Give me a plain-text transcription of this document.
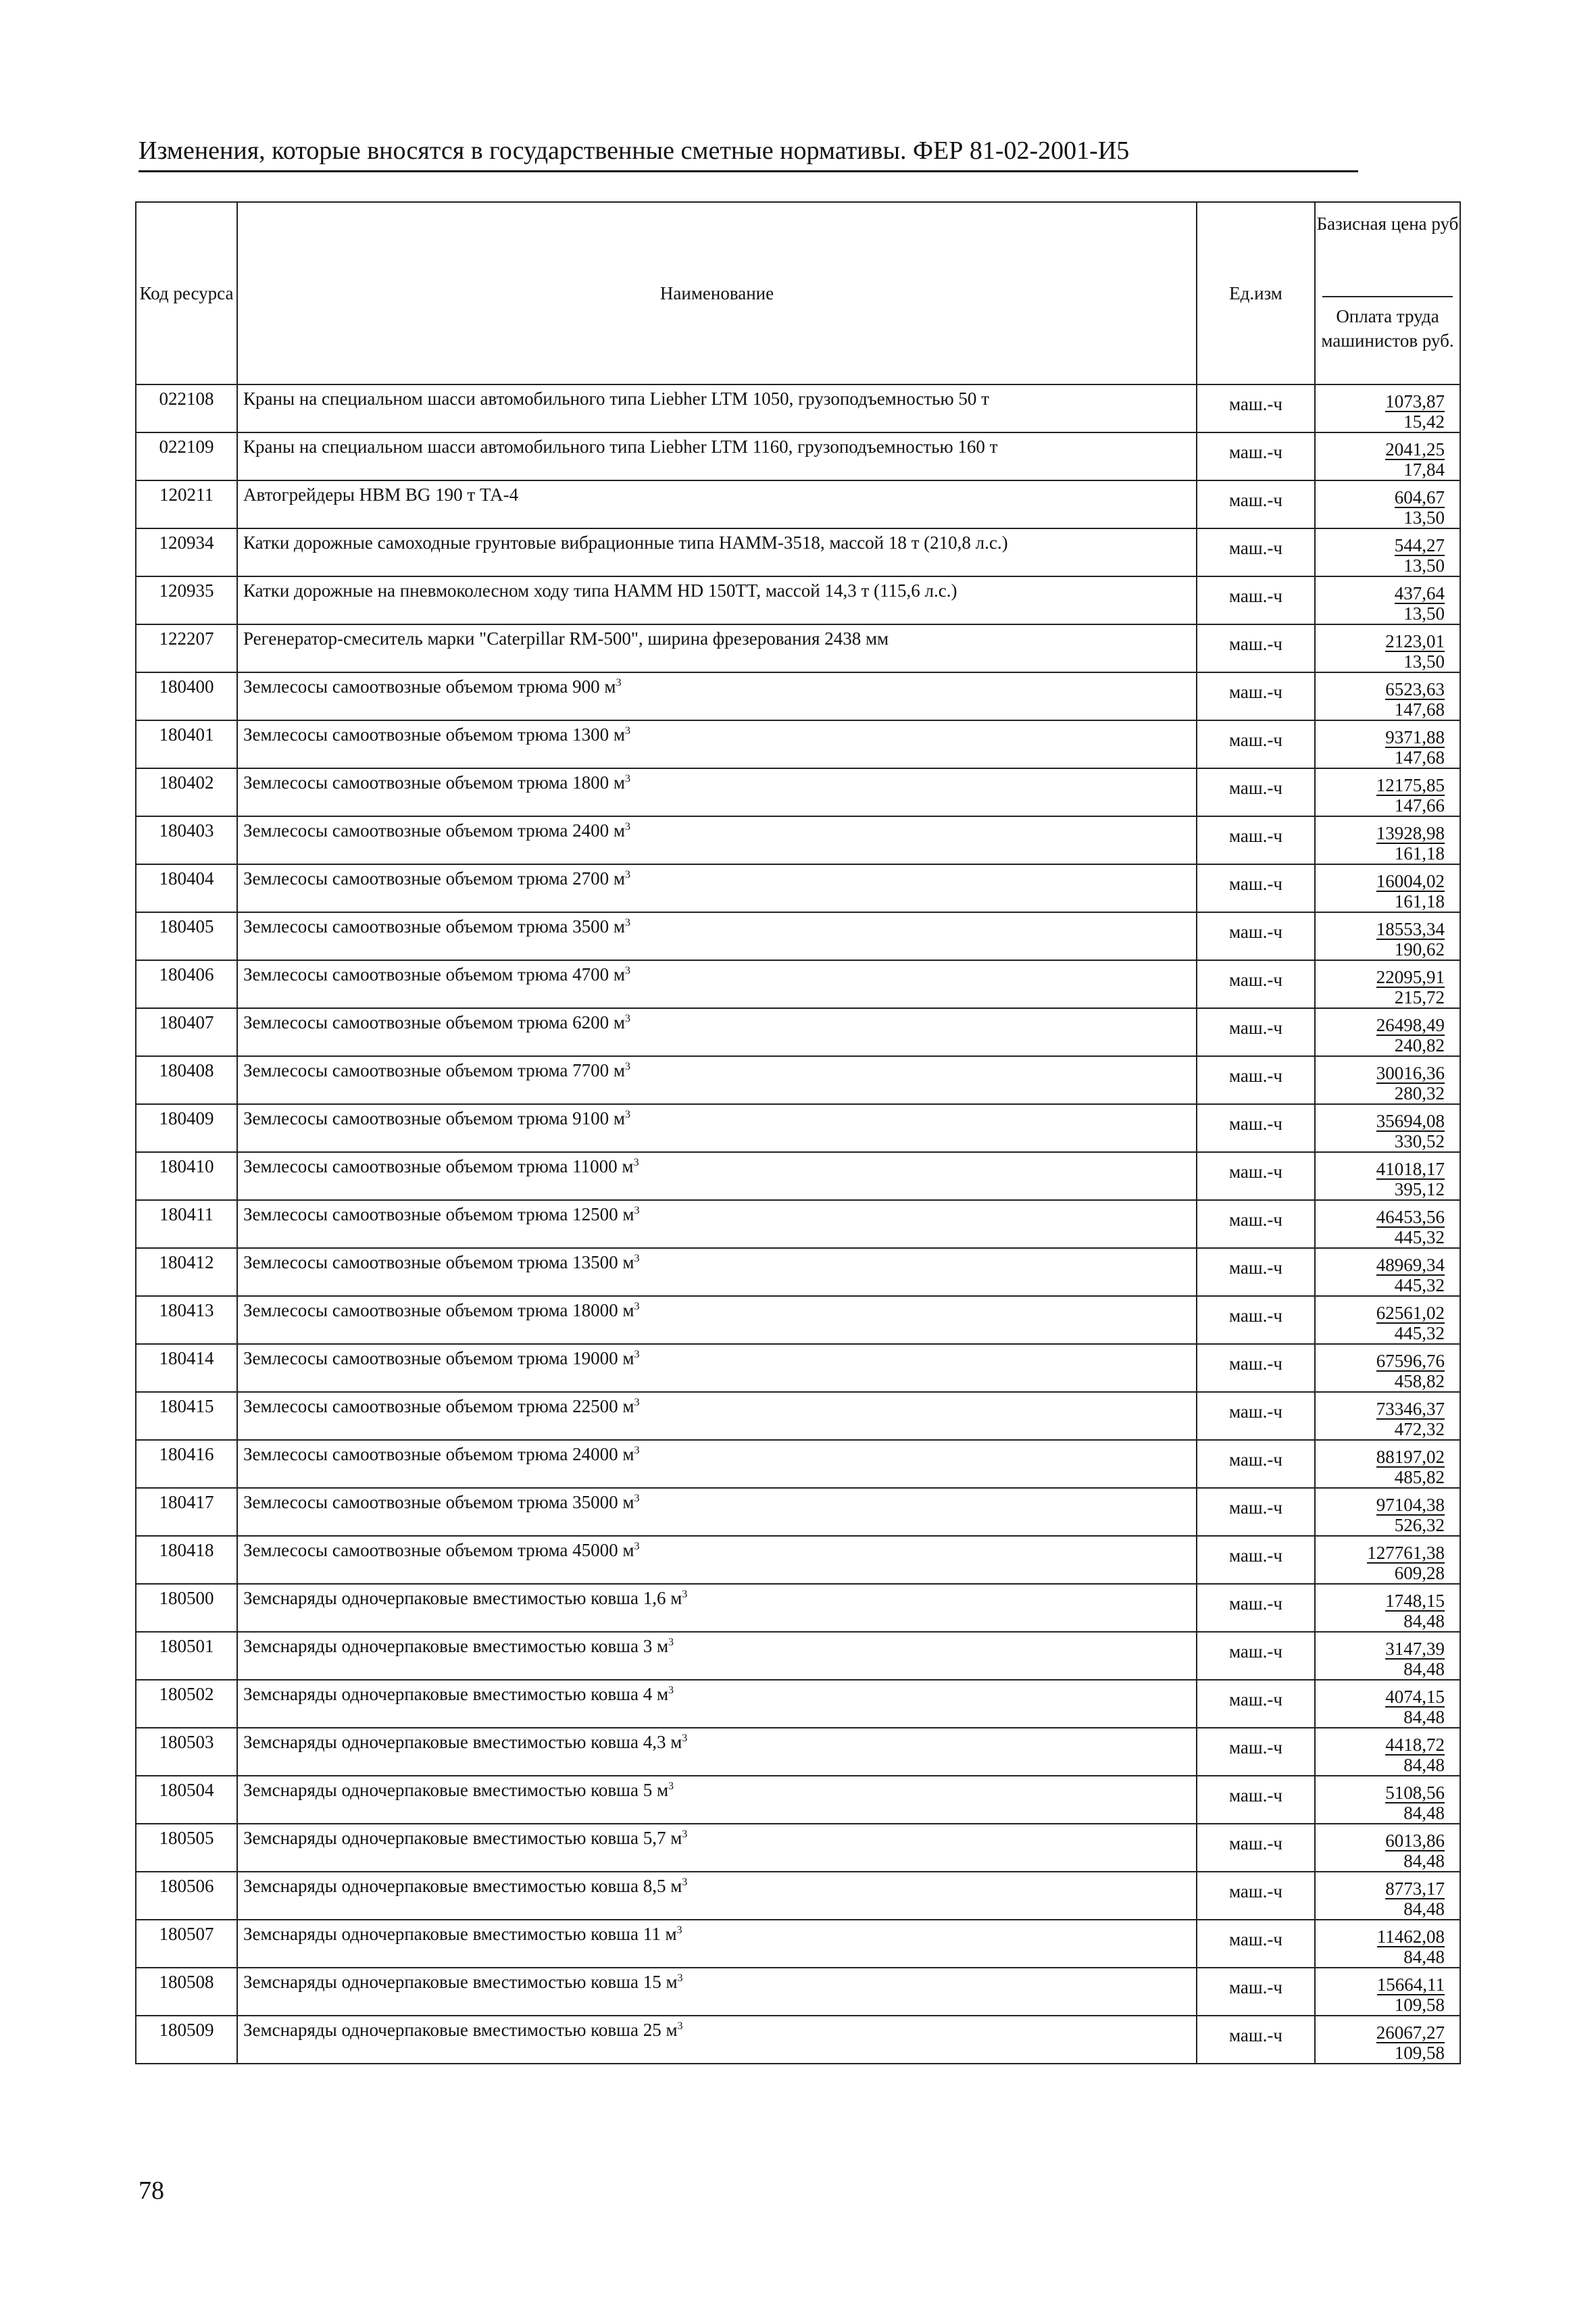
Изменения, которые вносятся в государственные сметные нормативы. ФЕР 81-02-2001-И5
Код ресурса	Наименование	Ед.изм	Базисная цена руб
Оплата труда машинистов руб.

022108	Краны на специальном шасси автомобильного типа Liebher LTM 1050, грузоподъемностью 50 т	маш.-ч	1073,87
15,42

022109	Краны на специальном шасси автомобильного типа Liebher LTM 1160, грузоподъемностью 160 т	маш.-ч	2041,25
17,84

120211	Автогрейдеры HBM BG 190 т ТА-4	маш.-ч	604,67
13,50

120934	Катки дорожные самоходные грунтовые вибрационные типа НАММ-3518, массой 18 т (210,8 л.с.)	маш.-ч	544,27
13,50

120935	Катки дорожные на пневмоколесном ходу типа НАММ HD 150TT, массой 14,3 т (115,6 л.с.)	маш.-ч	437,64
13,50

122207	Регенератор-смеситель марки "Caterpillar RM-500", ширина фрезерования 2438 мм	маш.-ч	2123,01
13,50

180400	Землесосы самоотвозные объемом трюма 900 $м^3$	маш.-ч	6523,63
147,68

180401	Землесосы самоотвозные объемом трюма 1300 $м^3$	маш.-ч	9371,88
147,68

180402	Землесосы самоотвозные объемом трюма 1800 $м^3$	маш.-ч	12175,85
147,66

180403	Землесосы самоотвозные объемом трюма 2400 $м^3$	маш.-ч	13928,98
161,18

180404	Землесосы самоотвозные объемом трюма 2700 $м^3$	маш.-ч	16004,02
161,18

180405	Землесосы самоотвозные объемом трюма 3500 $м^3$	маш.-ч	18553,34
190,62

180406	Землесосы самоотвозные объемом трюма 4700 $м^3$	маш.-ч	22095,91
215,72

180407	Землесосы самоотвозные объемом трюма 6200 $м^3$	маш.-ч	26498,49
240,82

180408	Землесосы самоотвозные объемом трюма 7700 $м^3$	маш.-ч	30016,36
280,32

180409	Землесосы самоотвозные объемом трюма 9100 $м^3$	маш.-ч	35694,08
330,52

180410	Землесосы самоотвозные объемом трюма 11000 $м^3$	маш.-ч	41018,17
395,12

180411	Землесосы самоотвозные объемом трюма 12500 $м^3$	маш.-ч	46453,56
445,32

180412	Землесосы самоотвозные объемом трюма 13500 $м^3$	маш.-ч	48969,34
445,32

180413	Землесосы самоотвозные объемом трюма 18000 $м^3$	маш.-ч	62561,02
445,32

180414	Землесосы самоотвозные объемом трюма 19000 $м^3$	маш.-ч	67596,76
458,82

180415	Землесосы самоотвозные объемом трюма 22500 $м^3$	маш.-ч	73346,37
472,32

180416	Землесосы самоотвозные объемом трюма 24000 $м^3$	маш.-ч	88197,02
485,82

180417	Землесосы самоотвозные объемом трюма 35000 $м^3$	маш.-ч	97104,38
526,32

180418	Землесосы самоотвозные объемом трюма 45000 $м^3$	маш.-ч	127761,38
609,28

180500	Земснаряды одночерпаковые вместимостью ковша 1,6 $м^3$	маш.-ч	1748,15
84,48

180501	Земснаряды одночерпаковые вместимостью ковша 3 $м^3$	маш.-ч	3147,39
84,48

180502	Земснаряды одночерпаковые вместимостью ковша 4 $м^3$	маш.-ч	4074,15
84,48

180503	Земснаряды одночерпаковые вместимостью ковша 4,3 $м^3$	маш.-ч	4418,72
84,48

180504	Земснаряды одночерпаковые вместимостью ковша 5 $м^3$	маш.-ч	5108,56
84,48

180505	Земснаряды одночерпаковые вместимостью ковша 5,7 $м^3$	маш.-ч	6013,86
84,48

180506	Земснаряды одночерпаковые вместимостью ковша 8,5 $м^3$	маш.-ч	8773,17
84,48

180507	Земснаряды одночерпаковые вместимостью ковша 11 $м^3$	маш.-ч	11462,08
84,48

180508	Земснаряды одночерпаковые вместимостью ковша 15 $м^3$	маш.-ч	15664,11
109,58

180509	Земснаряды одночерпаковые вместимостью ковша 25 $м^3$	маш.-ч	26067,27
109,58
78
